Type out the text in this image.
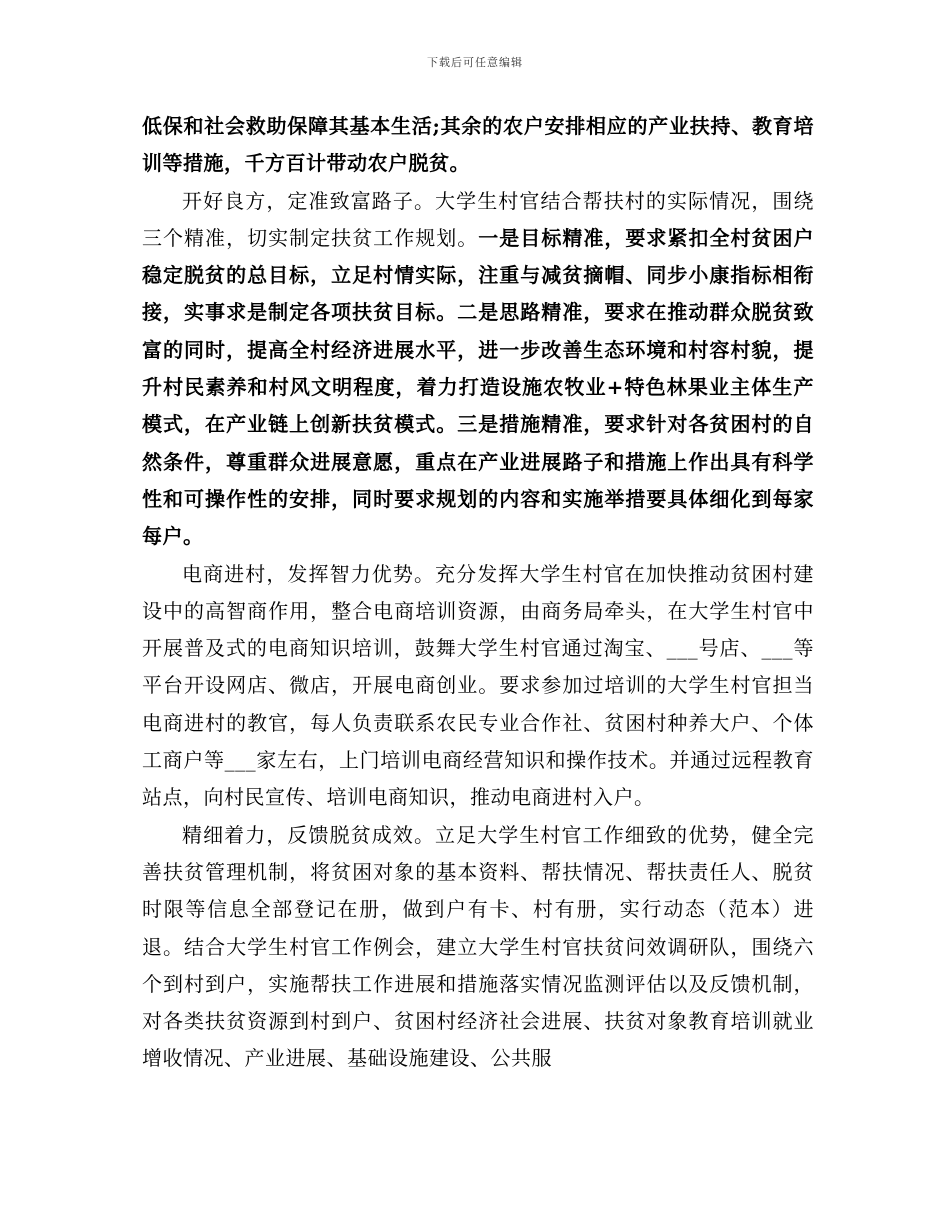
下载后可任意编辑

低保和社会救助保障其基本生活;其余的农户安排相应的产业扶持、教育培训等措施，千方百计带动农户脱贫。

开好良方，定准致富路子。大学生村官结合帮扶村的实际情况，围绕三个精准，切实制定扶贫工作规划。一是目标精准，要求紧扣全村贫困户稳定脱贫的总目标，立足村情实际，注重与减贫摘帽、同步小康指标相衔接，实事求是制定各项扶贫目标。二是思路精准，要求在推动群众脱贫致富的同时，提高全村经济进展水平，进一步改善生态环境和村容村貌，提升村民素养和村风文明程度，着力打造设施农牧业+特色林果业主体生产模式，在产业链上创新扶贫模式。三是措施精准，要求针对各贫困村的自然条件，尊重群众进展意愿，重点在产业进展路子和措施上作出具有科学性和可操作性的安排，同时要求规划的内容和实施举措要具体细化到每家每户。

电商进村，发挥智力优势。充分发挥大学生村官在加快推动贫困村建设中的高智商作用，整合电商培训资源，由商务局牵头，在大学生村官中开展普及式的电商知识培训，鼓舞大学生村官通过淘宝、___号店、___等平台开设网店、微店，开展电商创业。要求参加过培训的大学生村官担当电商进村的教官，每人负责联系农民专业合作社、贫困村种养大户、个体工商户等___家左右，上门培训电商经营知识和操作技术。并通过远程教育站点，向村民宣传、培训电商知识，推动电商进村入户。

精细着力，反馈脱贫成效。立足大学生村官工作细致的优势，健全完善扶贫管理机制，将贫困对象的基本资料、帮扶情况、帮扶责任人、脱贫时限等信息全部登记在册，做到户有卡、村有册，实行动态（范本）进退。结合大学生村官工作例会，建立大学生村官扶贫问效调研队，围绕六个到村到户，实施帮扶工作进展和措施落实情况监测评估以及反馈机制，对各类扶贫资源到村到户、贫困村经济社会进展、扶贫对象教育培训就业增收情况、产业进展、基础设施建设、公共服
